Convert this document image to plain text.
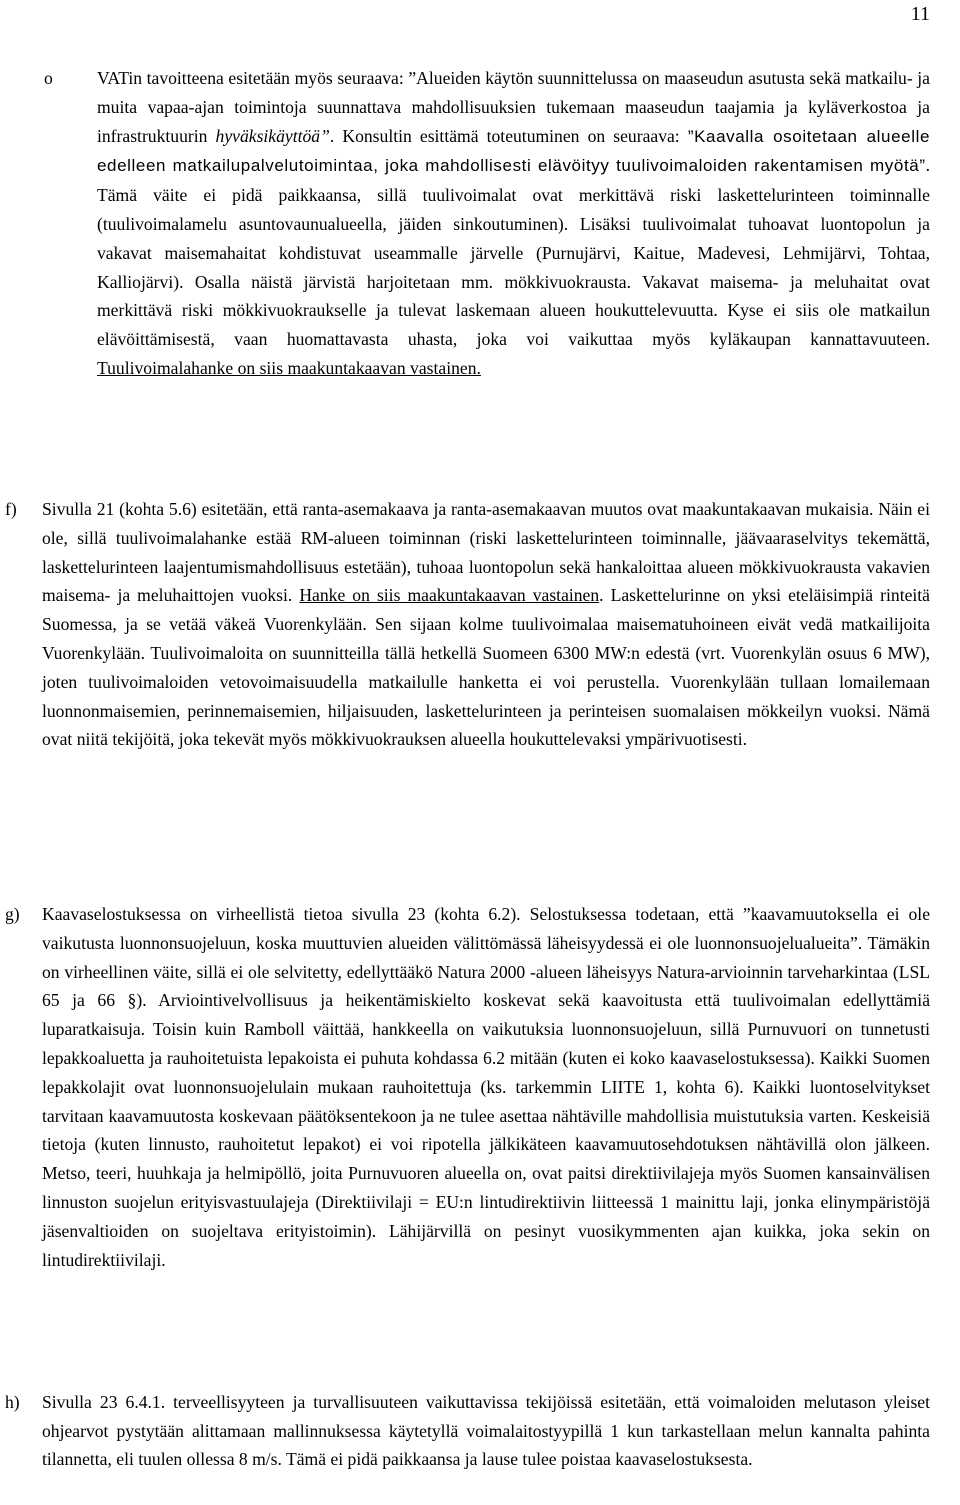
11
o	VATin tavoitteena esitetään myös seuraava: ”Alueiden käytön suunnittelussa on maaseudun asutusta sekä matkailu- ja muita vapaa-ajan toimintoja suunnattava mahdollisuuksien tukemaan maaseudun taajamia ja kyläverkostoa ja infrastruktuurin hyväksikäyttöä”. Konsultin esittämä toteutuminen on seuraava: ”Kaavalla osoitetaan alueelle edelleen matkailupalvelutoimintaa, joka mahdollisesti elävöityy tuulivoimaloiden rakentamisen myötä”. Tämä väite ei pidä paikkaansa, sillä tuulivoimalat ovat merkittävä riski laskettelurinteen toiminnalle (tuulivoimalamelu asuntovaunualueella, jäiden sinkoutuminen). Lisäksi tuulivoimalat tuhoavat luontopolun ja vakavat maisemahaitat kohdistuvat useammalle järvelle (Purnujärvi, Kaitue, Madevesi, Lehmijärvi, Tohtaa, Kalliojärvi). Osalla näistä järvistä harjoitetaan mm. mökkivuokrausta. Vakavat maisema- ja meluhaitat ovat merkittävä riski mökkivuokraukselle ja tulevat laskemaan alueen houkuttelevuutta. Kyse ei siis ole matkailun elävöittämisestä, vaan huomattavasta uhasta, joka voi vaikuttaa myös kyläkaupan kannattavuuteen. Tuulivoimalahanke on siis maakuntakaavan vastainen.

f) Sivulla 21 (kohta 5.6) esitetään, että ranta-asemakaava ja ranta-asemakaavan muutos ovat maakuntakaavan mukaisia. Näin ei ole, sillä tuulivoimalahanke estää RM-alueen toiminnan (riski laskettelurinteen toiminnalle, jäävaaraselvitys tekemättä, laskettelurinteen laajentumismahdollisuus estetään), tuhoaa luontopolun sekä hankaloittaa alueen mökkivuokrausta vakavien maisema- ja meluhaittojen vuoksi. Hanke on siis maakuntakaavan vastainen. Laskettelurinne on yksi eteläisimpiä rinteitä Suomessa, ja se vetää väkeä Vuorenkylään. Sen sijaan kolme tuulivoimalaa maisematuhoineen eivät vedä matkailijoita Vuorenkylään. Tuulivoimaloita on suunnitteilla tällä hetkellä Suomeen 6300 MW:n edestä (vrt. Vuorenkylän osuus 6 MW), joten tuulivoimaloiden vetovoimaisuudella matkailulle hanketta ei voi perustella. Vuorenkylään tullaan lomailemaan luonnonmaisemien, perinnemaisemien, hiljaisuuden, laskettelurinteen ja perinteisen suomalaisen mökkeilyn vuoksi. Nämä ovat niitä tekijöitä, joka tekevät myös mökkivuokrauksen alueella houkuttelevaksi ympärivuotisesti.

g) Kaavaselostuksessa on virheellistä tietoa sivulla 23 (kohta 6.2). Selostuksessa todetaan, että ”kaavamuutoksella ei ole vaikutusta luonnonsuojeluun, koska muuttuvien alueiden välittömässä läheisyydessä ei ole luonnonsuojelualueita”. Tämäkin on virheellinen väite, sillä ei ole selvitetty, edellyttääkö Natura 2000 -alueen läheisyys Natura-arvioinnin tarveharkintaa (LSL 65 ja 66 §). Arviointivelvollisuus ja heikentämiskielto koskevat sekä kaavoitusta että tuulivoimalan edellyttämiä luparatkaisuja. Toisin kuin Ramboll väittää, hankkeella on vaikutuksia luonnonsuojeluun, sillä Purnuvuori on tunnetusti lepakkoaluetta ja rauhoitetuista lepakoista ei puhuta kohdassa 6.2 mitään (kuten ei koko kaavaselostuksessa). Kaikki Suomen lepakkolajit ovat luonnonsuojelulain mukaan rauhoitettuja (ks. tarkemmin LIITE 1, kohta 6). Kaikki luontoselvitykset tarvitaan kaavamuutosta koskevaan päätöksentekoon ja ne tulee asettaa nähtäville mahdollisia muistutuksia varten. Keskeisiä tietoja (kuten linnusto, rauhoitetut lepakot) ei voi ripotella jälkikäteen kaavamuutosehdotuksen nähtävillä olon jälkeen. Metso, teeri, huuhkaja ja helmipöllö, joita Purnuvuoren alueella on, ovat paitsi direktiivilajeja myös Suomen kansainvälisen linnuston suojelun erityisvastuulajeja (Direktiivilaji = EU:n lintudirektiivin liitteessä 1 mainittu laji, jonka elinympäristöjä jäsenvaltioiden on suojeltava erityistoimin). Lähijärvillä on pesinyt vuosikymmenten ajan kuikka, joka sekin on lintudirektiivilaji.

h) Sivulla 23 6.4.1. terveellisyyteen ja turvallisuuteen vaikuttavissa tekijöissä esitetään, että voimaloiden melutason yleiset ohjearvot pystytään alittamaan mallinnuksessa käytetyllä voimalaitostyypillä 1 kun tarkastellaan melun kannalta pahinta tilannetta, eli tuulen ollessa 8 m/s. Tämä ei pidä paikkaansa ja lause tulee poistaa kaavaselostuksesta.
